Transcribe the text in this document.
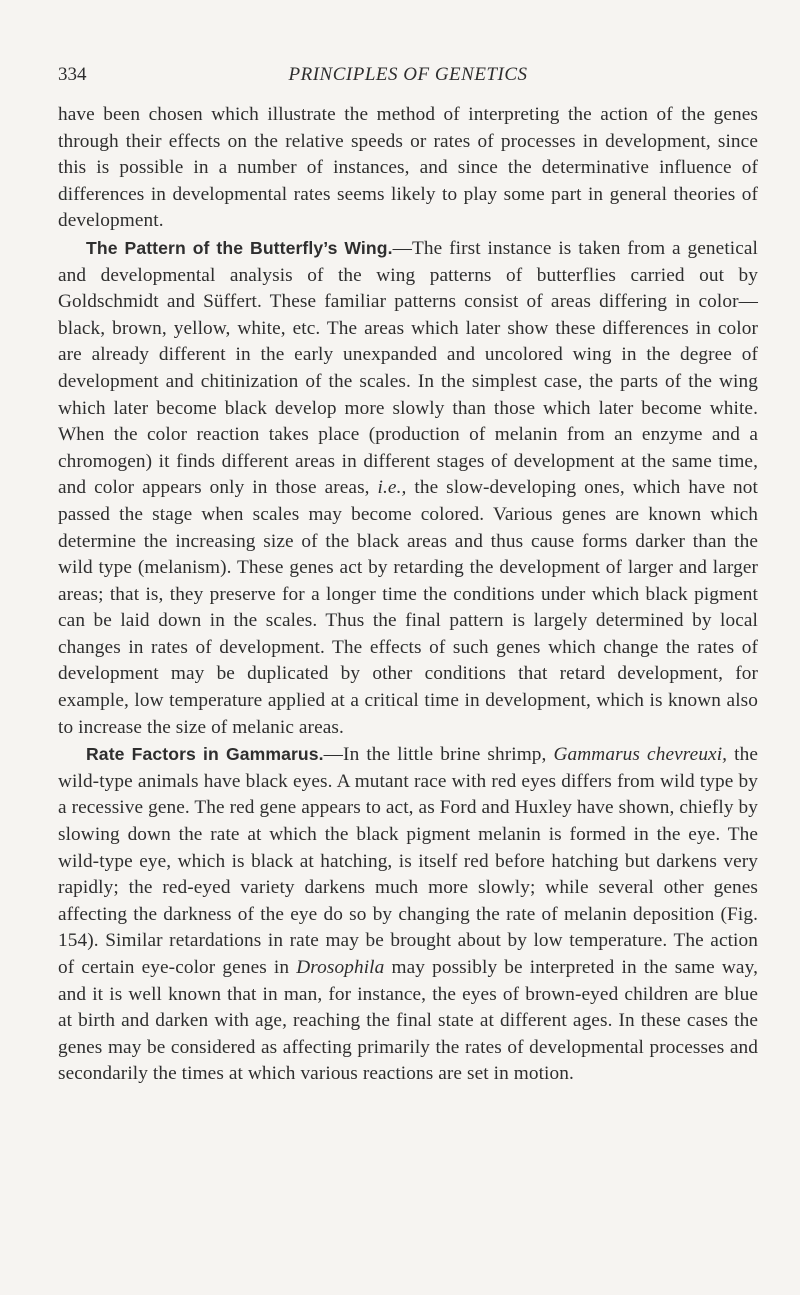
334	PRINCIPLES OF GENETICS

have been chosen which illustrate the method of interpreting the action of the genes through their effects on the relative speeds or rates of processes in development, since this is possible in a number of instances, and since the determinative influence of differences in developmental rates seems likely to play some part in general theories of development.

The Pattern of the Butterfly’s Wing.—The first instance is taken from a genetical and developmental analysis of the wing patterns of butterflies carried out by Goldschmidt and Süffert. These familiar patterns consist of areas differing in color—black, brown, yellow, white, etc. The areas which later show these differences in color are already different in the early unexpanded and uncolored wing in the degree of development and chitinization of the scales. In the simplest case, the parts of the wing which later become black develop more slowly than those which later become white. When the color reaction takes place (production of melanin from an enzyme and a chromogen) it finds different areas in different stages of development at the same time, and color appears only in those areas, i.e., the slow-developing ones, which have not passed the stage when scales may become colored. Various genes are known which determine the increasing size of the black areas and thus cause forms darker than the wild type (melanism). These genes act by retarding the development of larger and larger areas; that is, they preserve for a longer time the conditions under which black pigment can be laid down in the scales. Thus the final pattern is largely determined by local changes in rates of development. The effects of such genes which change the rates of development may be duplicated by other conditions that retard development, for example, low temperature applied at a critical time in development, which is known also to increase the size of melanic areas.

Rate Factors in Gammarus.—In the little brine shrimp, Gammarus chevreuxi, the wild-type animals have black eyes. A mutant race with red eyes differs from wild type by a recessive gene. The red gene appears to act, as Ford and Huxley have shown, chiefly by slowing down the rate at which the black pigment melanin is formed in the eye. The wild-type eye, which is black at hatching, is itself red before hatching but darkens very rapidly; the red-eyed variety darkens much more slowly; while several other genes affecting the darkness of the eye do so by changing the rate of melanin deposition (Fig. 154). Similar retardations in rate may be brought about by low temperature. The action of certain eye-color genes in Drosophila may possibly be interpreted in the same way, and it is well known that in man, for instance, the eyes of brown-eyed children are blue at birth and darken with age, reaching the final state at different ages. In these cases the genes may be considered as affecting primarily the rates of developmental processes and secondarily the times at which various reactions are set in motion.
